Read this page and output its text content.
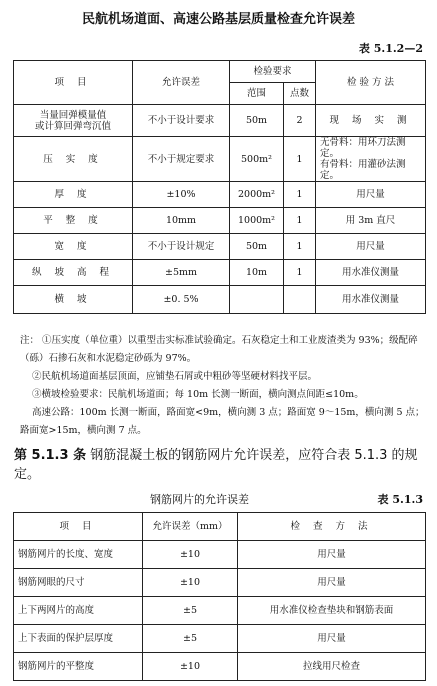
民航机场道面、高速公路基层质量检查允许误差
表 5.1.2—2
项 目	允许误差	检验要求		检 验 方 法
		范围	点数	
当量回弹模量值
或计算回弹弯沉值	不小于设计要求	50m	2	现 场 实 测
压 实 度	不小于规定要求	500m²	1	无骨料：用环刀法测定。
有骨料：用灌砂法测定。
厚 度	±10%	2000m²	1	用尺量
平 整 度	10mm	1000m²	1	用 3m 直尺
宽 度	不小于设计规定	50m	1	用尺量
纵 坡 高 程	±5mm	10m	1	用水准仪测量
横 坡	±0. 5%			用水准仪测量

注： ①压实度（单位重）以重型击实标准试验确定。石灰稳定土和工业废渣类为 93%；级配碎（砾）石掺石灰和水泥稳定砂砾为 97%。

②民航机场道面基层顶面，应铺垫石屑或中粗砂等坚硬材料找平层。

③横坡检验要求：民航机场道面；每 10m 长测一断面，横向测点间距≤10m。

高速公路：100m 长测一断面，路面宽<9m，横向测 3 点；路面宽 9～15m，横向测 5 点；路面宽>15m，横向测 7 点。

第 5.1.3 条 钢筋混凝土板的钢筋网片允许误差，应符合表 5.1.3 的规定。
钢筋网片的允许误差	表 5.1.3
项 目	允许误差（mm）	检 查 方 法
钢筋网片的长度、宽度	±10	用尺量
钢筋网眼的尺寸	±10	用尺量
上下两网片的高度	±5	用水准仪检查垫块和钢筋表面
上下表面的保护层厚度	±5	用尺量
钢筋网片的平整度	±10	拉线用尺检查
